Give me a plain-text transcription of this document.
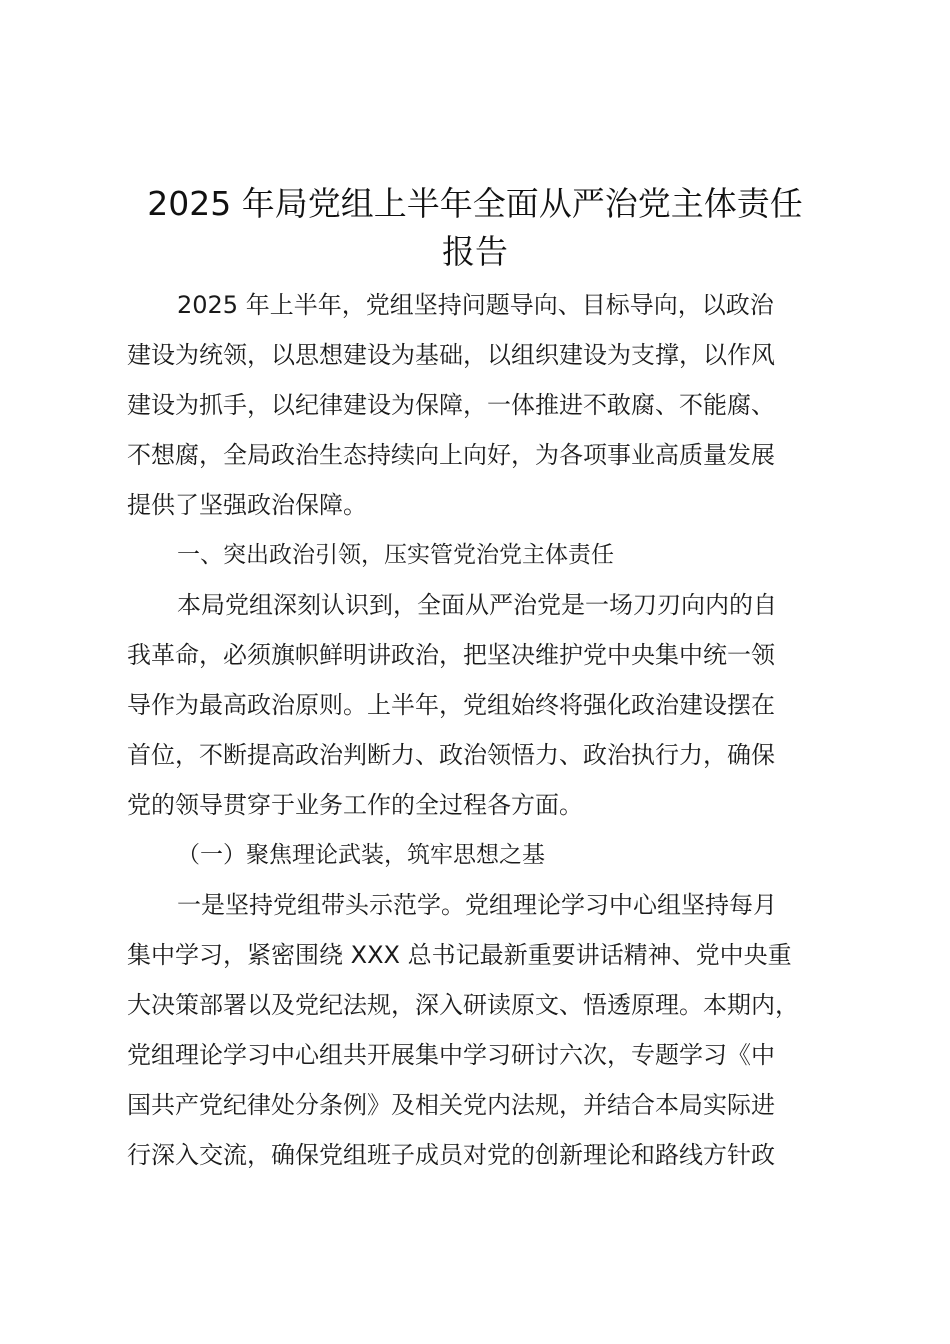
2025 年局党组上半年全面从严治党主体责任
报告
2025 年上半年，党组坚持问题导向、目标导向，以政治
建设为统领，以思想建设为基础，以组织建设为支撑，以作风
建设为抓手，以纪律建设为保障，一体推进不敢腐、不能腐、
不想腐，全局政治生态持续向上向好，为各项事业高质量发展
提供了坚强政治保障。
一、突出政治引领，压实管党治党主体责任
本局党组深刻认识到，全面从严治党是一场刀刃向内的自
我革命，必须旗帜鲜明讲政治，把坚决维护党中央集中统一领
导作为最高政治原则。上半年，党组始终将强化政治建设摆在
首位，不断提高政治判断力、政治领悟力、政治执行力，确保
党的领导贯穿于业务工作的全过程各方面。
（一）聚焦理论武装，筑牢思想之基
一是坚持党组带头示范学。党组理论学习中心组坚持每月
集中学习，紧密围绕 XXX 总书记最新重要讲话精神、党中央重
大决策部署以及党纪法规，深入研读原文、悟透原理。本期内，
党组理论学习中心组共开展集中学习研讨六次，专题学习《中
国共产党纪律处分条例》及相关党内法规，并结合本局实际进
行深入交流，确保党组班子成员对党的创新理论和路线方针政
